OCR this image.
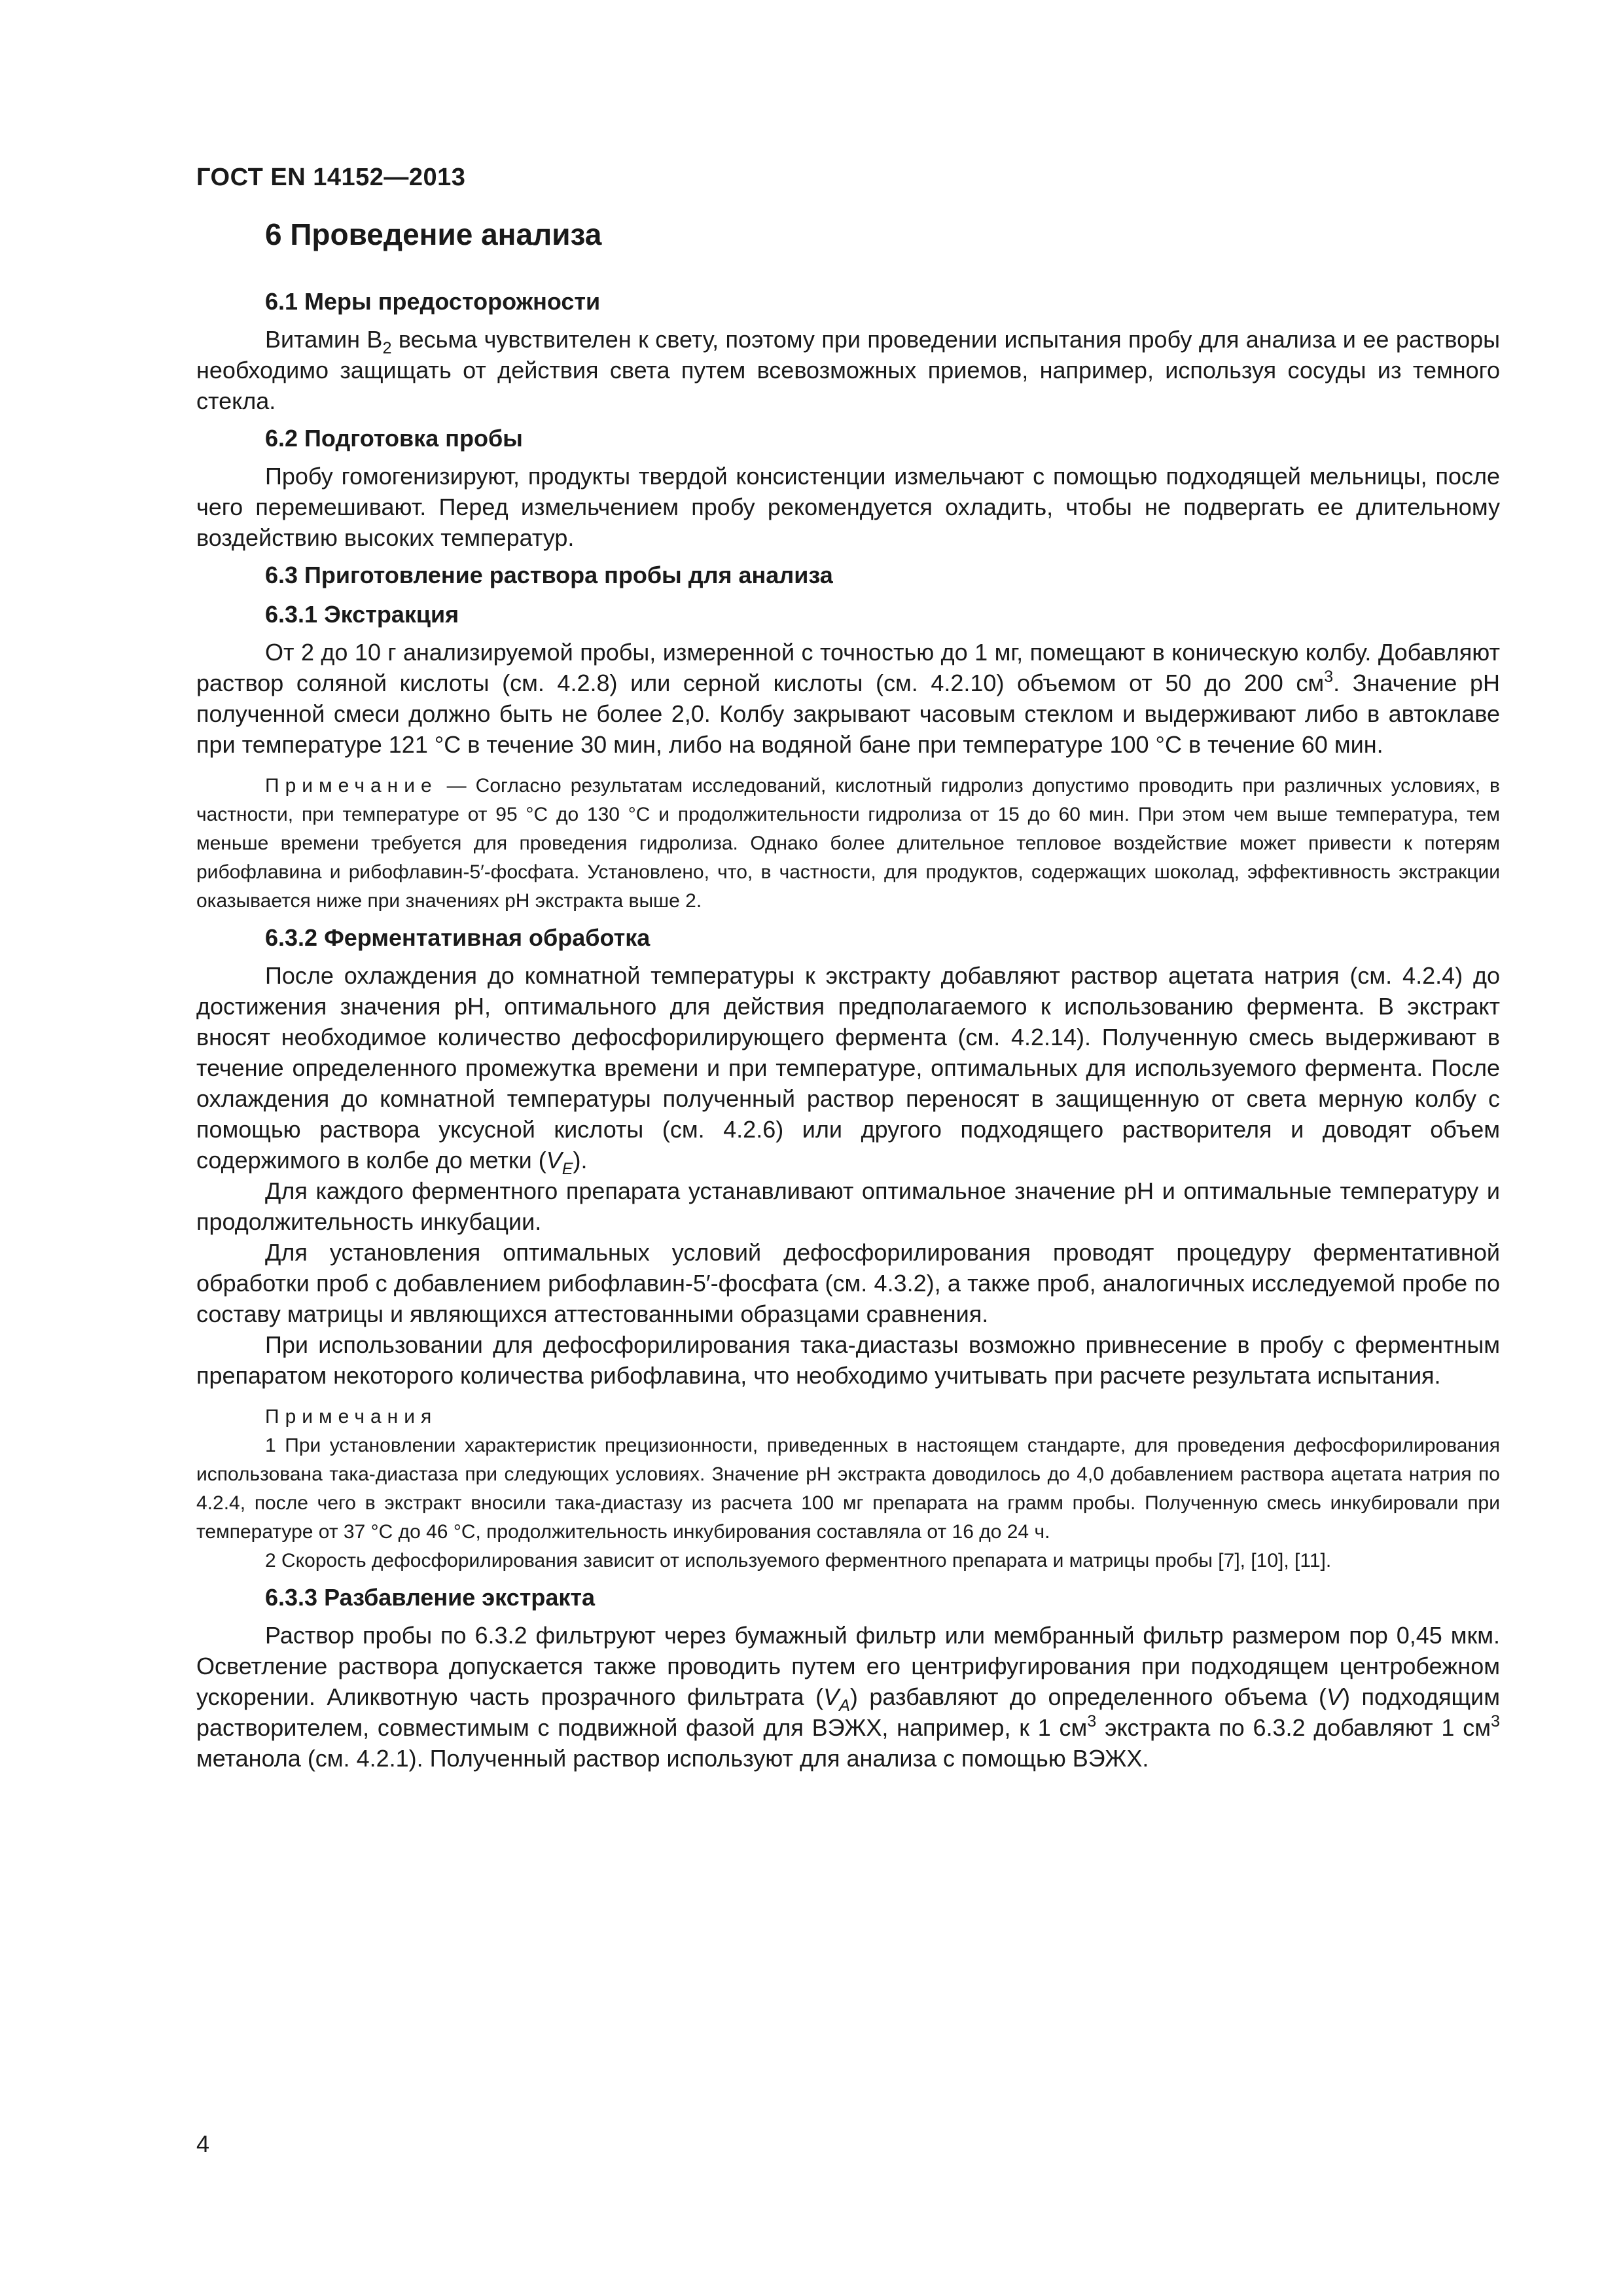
ГОСТ EN 14152—2013
6 Проведение анализа
6.1 Меры предосторожности

Витамин $B_2$ весьма чувствителен к свету, поэтому при проведении испытания пробу для анализа и ее растворы необходимо защищать от действия света путем всевозможных приемов, например, используя сосуды из темного стекла.

6.2 Подготовка пробы

Пробу гомогенизируют, продукты твердой консистенции измельчают с помощью подходящей мельницы, после чего перемешивают. Перед измельчением пробу рекомендуется охладить, чтобы не подвергать ее длительному воздействию высоких температур.

6.3 Приготовление раствора пробы для анализа
6.3.1 Экстракция

От 2 до 10 г анализируемой пробы, измеренной с точностью до 1 мг, помещают в коническую колбу. Добавляют раствор соляной кислоты (см. 4.2.8) или серной кислоты (см. 4.2.10) объемом от 50 до 200 $см^3$. Значение pH полученной смеси должно быть не более 2,0. Колбу закрывают часовым стеклом и выдерживают либо в автоклаве при температуре 121 °C в течение 30 мин, либо на водяной бане при температуре 100 °C в течение 60 мин.

Примечание — Согласно результатам исследований, кислотный гидролиз допустимо проводить при различных условиях, в частности, при температуре от 95 °C до 130 °C и продолжительности гидролиза от 15 до 60 мин. При этом чем выше температура, тем меньше времени требуется для проведения гидролиза. Однако более длительное тепловое воздействие может привести к потерям рибофлавина и рибофлавин-5′-фосфата. Установлено, что, в частности, для продуктов, содержащих шоколад, эффективность экстракции оказывается ниже при значениях pH экстракта выше 2.

6.3.2 Ферментативная обработка

После охлаждения до комнатной температуры к экстракту добавляют раствор ацетата натрия (см. 4.2.4) до достижения значения pH, оптимального для действия предполагаемого к использованию фермента. В экстракт вносят необходимое количество дефосфорилирующего фермента (см. 4.2.14). Полученную смесь выдерживают в течение определенного промежутка времени и при температуре, оптимальных для используемого фермента. После охлаждения до комнатной температуры полученный раствор переносят в защищенную от света мерную колбу с помощью раствора уксусной кислоты (см. 4.2.6) или другого подходящего растворителя и доводят объем содержимого в колбе до метки $(V_E)$.

Для каждого ферментного препарата устанавливают оптимальное значение pH и оптимальные температуру и продолжительность инкубации.

Для установления оптимальных условий дефосфорилирования проводят процедуру ферментативной обработки проб с добавлением рибофлавин-5′-фосфата (см. 4.3.2), а также проб, аналогичных исследуемой пробе по составу матрицы и являющихся аттестованными образцами сравнения.

При использовании для дефосфорилирования така-диастазы возможно привнесение в пробу с ферментным препаратом некоторого количества рибофлавина, что необходимо учитывать при расчете результата испытания.

Примечания

1 При установлении характеристик прецизионности, приведенных в настоящем стандарте, для проведения дефосфорилирования использована така-диастаза при следующих условиях. Значение pH экстракта доводилось до 4,0 добавлением раствора ацетата натрия по 4.2.4, после чего в экстракт вносили така-диастазу из расчета 100 мг препарата на грамм пробы. Полученную смесь инкубировали при температуре от 37 °C до 46 °C, продолжительность инкубирования составляла от 16 до 24 ч.

2 Скорость дефосфорилирования зависит от используемого ферментного препарата и матрицы пробы [7], [10], [11].

6.3.3 Разбавление экстракта

Раствор пробы по 6.3.2 фильтруют через бумажный фильтр или мембранный фильтр размером пор 0,45 мкм. Осветление раствора допускается также проводить путем его центрифугирования при подходящем центробежном ускорении. Аликвотную часть прозрачного фильтрата $(V_A)$ разбавляют до определенного объема (V) подходящим растворителем, совместимым с подвижной фазой для ВЭЖХ, например, к 1 $см^3$ экстракта по 6.3.2 добавляют 1 $см^3$ метанола (см. 4.2.1). Полученный раствор используют для анализа с помощью ВЭЖХ.

4
